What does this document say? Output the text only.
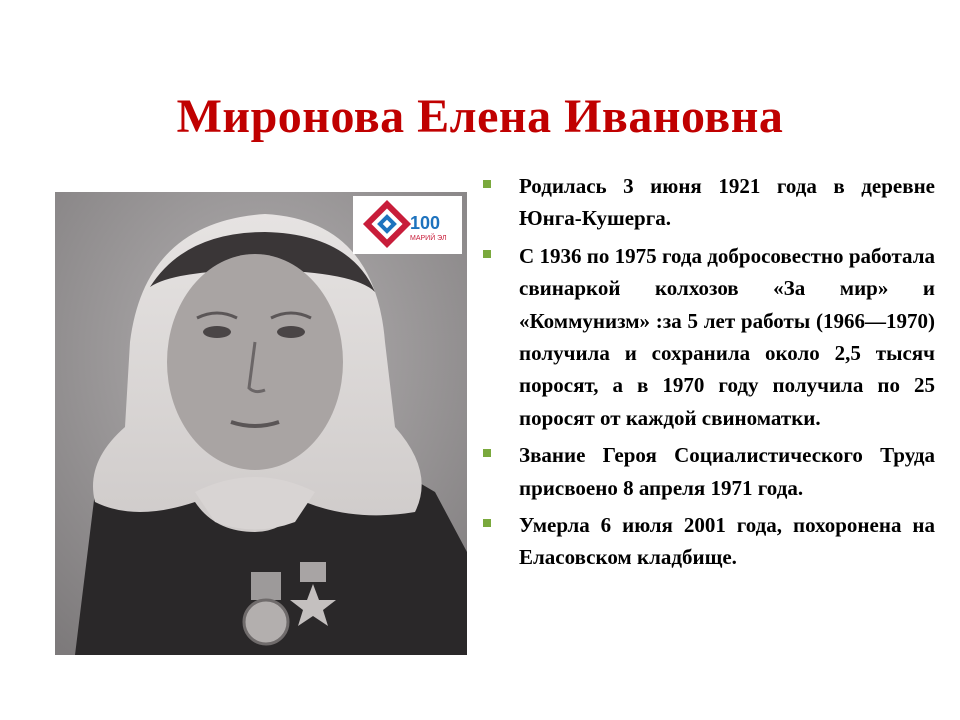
Миронова Елена Ивановна
100
МАРИЙ ЭЛ
Родилась 3 июня 1921 года в деревне Юнга-Кушерга.
С 1936 по 1975 года добросовестно работала свинаркой колхозов «За мир» и «Коммунизм» :за 5 лет работы (1966—1970) получила и сохранила около 2,5 тысяч поросят, а в 1970 году получила по 25 поросят от каждой свиноматки.
Звание Героя Социалистического Труда присвоено 8 апреля 1971 года.
Умерла 6 июля 2001 года, похоронена на Еласовском кладбище.
